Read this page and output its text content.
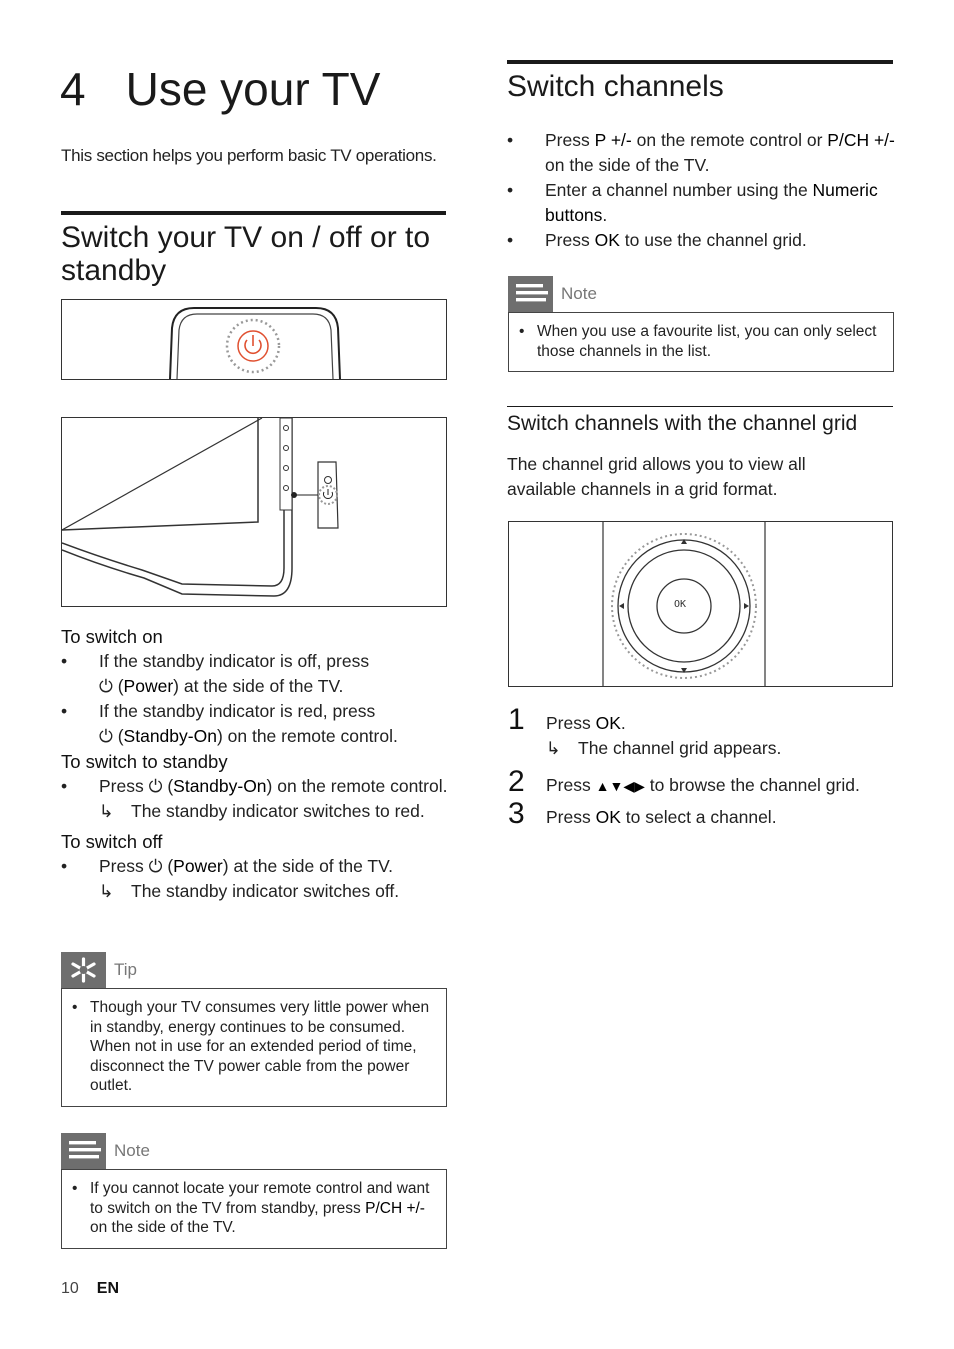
4 Use your TV
This section helps you perform basic TV operations.
Switch your TV on / off or to standby
To switch on
• If the standby indicator is off, press
⏻ (Power) at the side of the TV.
• If the standby indicator is red, press
⏻ (Standby-On) on the remote control.
To switch to standby
• Press ⏻ (Standby-On) on the remote control.
↳ The standby indicator switches to red.
To switch off
• Press ⏻ (Power) at the side of the TV.
↳ The standby indicator switches off.
Tip
• Though your TV consumes very little power when in standby, energy continues to be consumed. When not in use for an extended period of time, disconnect the TV power cable from the power outlet.
Note
• If you cannot locate your remote control and want to switch on the TV from standby, press P/CH +/- on the side of the TV.
Switch channels
• Press P +/- on the remote control or P/CH +/- on the side of the TV.
• Enter a channel number using the Numeric buttons.
• Press OK to use the channel grid.
Note
• When you use a favourite list, you can only select those channels in the list.
Switch channels with the channel grid
The channel grid allows you to view all available channels in a grid format.
OK
1 Press OK.
↳ The channel grid appears.
2 Press ▲▼◀▶ to browse the channel grid.
3 Press OK to select a channel.
10 EN
